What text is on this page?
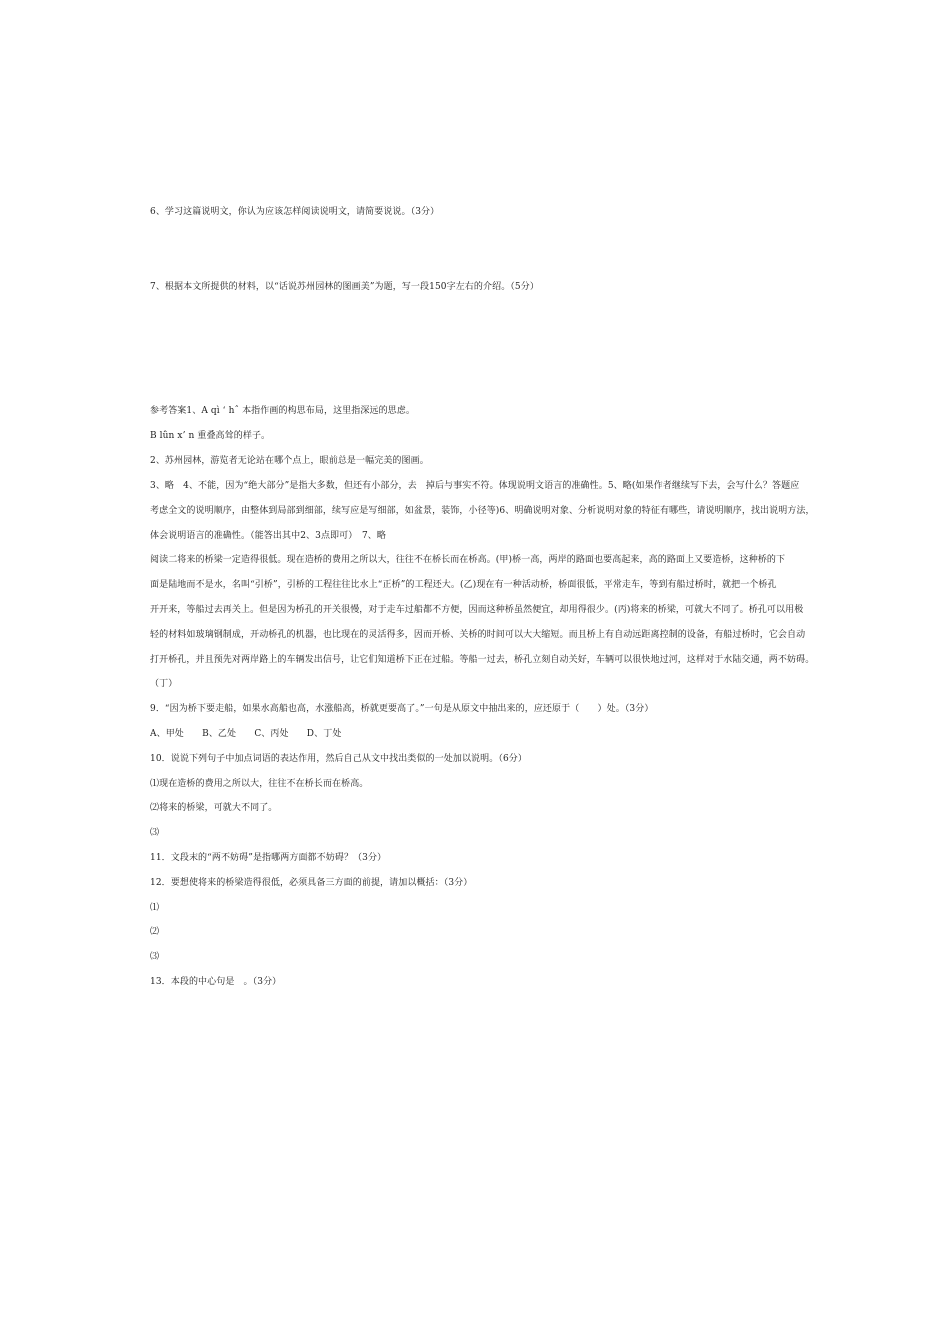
6、学习这篇说明文，你认为应该怎样阅读说明文，请简要说说。（3分）
7、根据本文所提供的材料，以“话说苏州园林的图画美”为题，写一段150字左右的介绍。（5分）
参考答案1、A qì ‘ hˆ 本指作画的构思布局，这里指深远的思虑。
B lǚn x’ n 重叠高耸的样子。
2、苏州园林，游览者无论站在哪个点上，眼前总是一幅完美的图画。
3、略　4、不能，因为“绝大部分”是指大多数，但还有小部分，去　掉后与事实不符。体现说明文语言的准确性。5、略(如果作者继续写下去，会写什么？答题应
考虑全文的说明顺序，由整体到局部到细部，续写应是写细部，如盆景，装饰，小径等)6、明确说明对象、分析说明对象的特征有哪些，请说明顺序，找出说明方法，
体会说明语言的准确性。（能答出其中2、3点即可）　7、略
阅读二将来的桥梁一定造得很低。现在造桥的费用之所以大，往往不在桥长而在桥高。(甲)桥一高，两岸的路面也要高起来，高的路面上又要造桥，这种桥的下
面是陆地而不是水，名叫“引桥”，引桥的工程往往比水上“正桥”的工程还大。(乙)现在有一种活动桥，桥面很低，平常走车，等到有船过桥时，就把一个桥孔
开开来，等船过去再关上。但是因为桥孔的开关很慢，对于走车过船都不方便，因而这种桥虽然便宜，却用得很少。(丙)将来的桥梁，可就大不同了。桥孔可以用极
轻的材料如玻璃钢制成，开动桥孔的机器，也比现在的灵活得多，因而开桥、关桥的时间可以大大缩短。而且桥上有自动远距离控制的设备，有船过桥时，它会自动
打开桥孔，并且预先对两岸路上的车辆发出信号，让它们知道桥下正在过船。等船一过去，桥孔立刻自动关好，车辆可以很快地过河，这样对于水陆交通，两不妨碍。
（丁）
9．“因为桥下要走船，如果水高船也高，水涨船高，桥就更要高了。”一句是从原文中抽出来的，应还原于（　　）处。（3分）
A、甲处　　B、乙处　　C、丙处　　D、丁处
10．说说下列句子中加点词语的表达作用，然后自己从文中找出类似的一处加以说明。（6分）
⑴现在造桥的费用之所以大，往往不在桥长而在桥高。
⑵将来的桥梁，可就大不同了。
⑶
11．文段末的“两不妨碍”是指哪两方面都不妨碍？（3分）
12．要想使将来的桥梁造得很低，必须具备三方面的前提，请加以概括：（3分）
⑴
⑵
⑶
13．本段的中心句是　。（3分）
